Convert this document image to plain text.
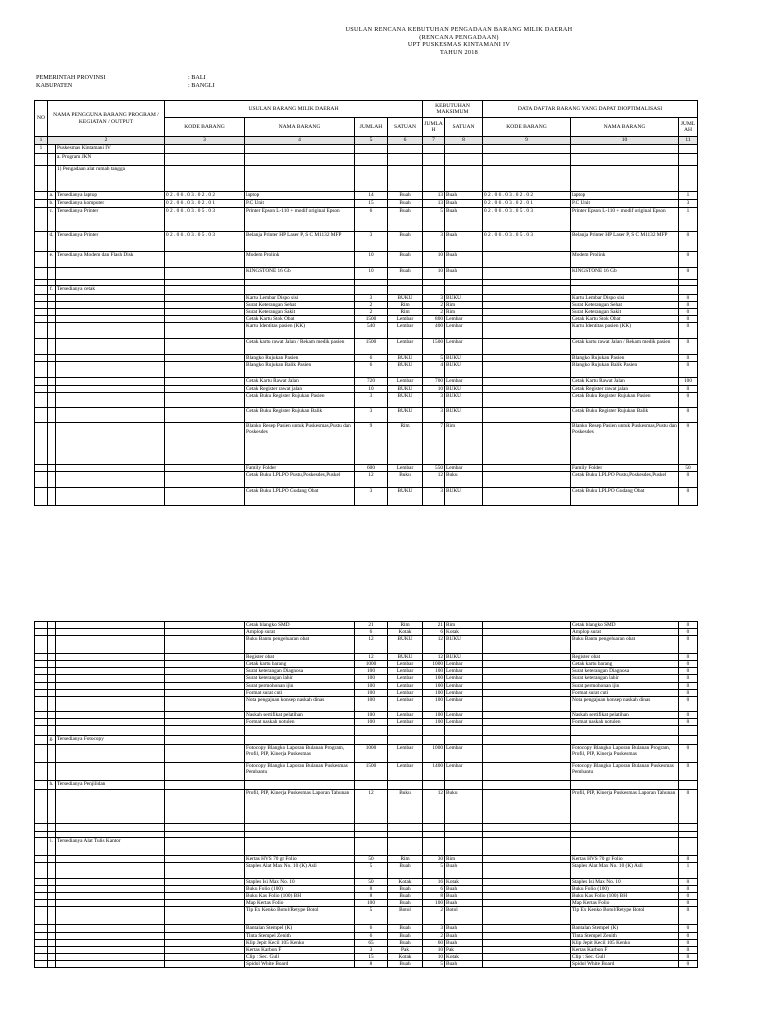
USULAN RENCANA KEBUTUHAN PENGADAAN BARANG MILIK DAERAH
(RENCANA PENGADAAN)
UPT PUSKESMAS KINTAMANI IV
TAHUN 2018
PEMERINTAH PROVINSI	: BALI
KABUPATEN	: BANGLI
NO	NAMA PENGGUNA BARANG PROGRAM / KEGIATAN / OUTPUT		USULAN BARANG MILIK DAERAH				KEBUTUHAN MAKSIMUM		DATA DAFTAR BARANG YANG DAPAT DIOPTIMALISASI		
			KODE BARANG	NAMA BARANG	JUMLAH	SATUAN	JUMLA H	SATUAN	KODE BARANG	NAMA BARANG	JUML AH
1	2		3	4	5	6	7	8	9	10	11
1		Puskesmas Kintamani IV									
		a. Program JKN									
		1) Pengadaan alat rumah tangga									
	a.	Tersedianya laptop	0 2 . 0 6 . 0 3 . 0 2 . 0 2	laptop	14	Buah	13	Buah	0 2 . 0 6 . 0 3 . 0 2 . 0 2	laptop	1
	b.	Tersedianya komputer	0 2 . 0 6 . 0 3 . 0 2 . 0 1	P.C Unit	15	Buah	13	Buah	0 2 . 0 6 . 0 3 . 0 2 . 0 1	P.C Unit	3
	c.	Tersedianya Printer	0 2 . 0 6 . 0 3 . 0 5 . 0 3	Printer Epson L-110 + modif original Epson	6	Buah	5	Buah	0 2 . 0 6 . 0 3 . 0 5 . 0 3	Printer Epson L-110 + modif original Epson	1
	d.	Tersedianya Printer	0 2 . 0 6 . 0 3 . 0 5 . 0 3	Belanja Printer HP Laser P, S C M1132 MFP	3	Buah	3	Buah	0 2 . 0 6 . 0 3 . 0 5 . 0 3	Belanja Printer HP Laser P, S C M1132 MFP	0
	e.	Tersedianya Modem dan Flash Disk		Modem Prolink	10	Buah	10	Buah		Modem Prolink	0
				KINGSTONE 16 Gb	10	Buah	10	Buah		KINGSTONE 16 Gb	0

	f.	Tersedianya cetak									
				Kartu Lembar Dispo sisi	3	BUKU	3	BUKU		Kartu Lembar Dispo sisi	0
				Surat Keterangan Sehat	2	Rim	2	Rim		Surat Keterangan Sehat	0
				Surat Keterangan Sakit	2	Rim	2	Rim		Surat Keterangan Sakit	0
				Cetak Kartu Stok Obat	1500	Lembar	800	Lembar		Cetak Kartu Stok Obat	0
				Kartu Identitas pasien (KK)	540	Lembar	400	Lembar		Kartu Identitas pasien (KK)	0
				Cetak kartu rawat Jalan / Rekam medik pasien	1500	Lembar	1500	Lembar		Cetak kartu rawat Jalan / Rekam medik pasien	0
				Blangko Rujukan Pasien	6	BUKU	5	BUKU		Blangko Rujukan Pasien	0
				Blangko Rujukan Balik Pasien	6	BUKU	4	BUKU		Blangko Rujukan Balik Pasien	0
				Cetak Kartu Rawat Jalan	720	Lembar	700	Lembar		Cetak Kartu Rawat Jalan	100
				Cetak Register rawat jalan	10	BUKU	10	BUKU		Cetak Register rawat jalan	0
				Cetak Buku Register Rujukan Pasien	3	BUKU	3	BUKU		Cetak Buku Register Rujukan Pasien	0
				Cetak Buku Register Rujukan Balik	3	BUKU	3	BUKU		Cetak Buku Register Rujukan Balik	0
				Blanko Resep Pasien untuk Puskesmas,Pustu dan Poskesdes	9	Rim	7	Rim		Blanko Resep Pasien untuk Puskesmas,Pustu dan Poskesdes	0
				Family Folder	600	Lembar	550	Lembar		Family Folder	50
				Cetak Buku LPLPO Pustu,Poskesdes,Puskel	12	Buku	12	Buku		Cetak Buku LPLPO Pustu,Poskesdes,Puskel	0
				Cetak Buku LPLPO Gudang Obat	3	BUKU	3	BUKU		Cetak Buku LPLPO Gudang Obat	0
				Cetak blangko SMD	21	Rim	21	Rim		Cetak blangko SMD	0
				Amplop surat	6	Kotak	6	Kotak		Amplop surat	0
				Buku Bantu pengeluaran obat	12	BUKU	12	BUKU		Buku Bantu pengeluaran obat	0
				Register obat	12	BUKU	12	BUKU		Register obat	0
				Cetak kartu barang	1000	Lembar	1000	Lembar		Cetak kartu barang	0
				Surat keterangan Diagnosa	100	Lembar	100	Lembar		Surat keterangan Diagnosa	0
				Surat keterangan lahir	100	Lembar	100	Lembar		Surat keterangan lahir	0
				Surat permohonan ijin	100	Lembar	100	Lembar		Surat permohonan ijin	0
				Format surat cuti	100	Lembar	100	Lembar		Format surat cuti	0
				Nota pengajuan konsep naskah dinas	100	Lembar	100	Lembar		Nota pengajuan konsep naskah dinas	0
				Naskah sertifikat pelatihan	100	Lembar	100	Lembar		Naskah sertifikat pelatihan	0
				Format naskah notulen	100	Lembar	100	Lembar		Format naskah notulen	0

	g.	Tersedianya Fotocopy									
				Fotocopy Blangko Laporan Bulanan Program, Profil, PIP, Kinerja Puskesmas	1000	Lembar	1000	Lembar		Fotocopy Blangko Laporan Bulanan Program, Profil, PIP, Kinerja Puskesmas	0
				Fotocopy Blangko Laporan Bulanan Puskesmas Pembantu	1500	Lembar	1400	Lembar		Fotocopy Blangko Laporan Bulanan Puskesmas Pembantu	0
	h.	Tersedianya Penjilidan									
				Profil, PIP, Kinerja Puskesmas Laporan Tahunan	12	Buku	12	Buku		Profil, PIP, Kinerja Puskesmas Laporan Tahunan	0

	i.	Tersedianya Alat Tulis Kantor									
				Kertas HVS 70 gr Folio	50	Rim	30	Rim		Kertas HVS 70 gr Folio	0
				Staples Alat Max No. 10 (K) Asli	5	Buah	5	Buah		Staples Alat Max No. 10 (K) Asli	1
				Staples Isi Max No. 10	50	Kotak	16	Kotak		Staples Isi Max No. 10	0
				Buku Folio (100)	8	Buah	6	Buah		Buku Folio (100)	0
				Buku Kas Folio (100) BH	8	Buah	8	Buah		Buku Kas Folio (100) BH	0
				Map Kertas Folio	100	Buah	100	Buah		Map Kertas Folio	0
				Tip Ex Kenko Botol/Retype Botol	5	Botol	2	Botol		Tip Ex Kenko Botol/Retype Botol	0
				Bantalan Stempel (K)	6	Buah	3	Buah		Bantalan Stempel (K)	0
				Tinta Stempel Zenith	6	Buah	2	Buah		Tinta Stempel Zenith	0
				Klip Jepit Kecil 105 Kenko	65	Buah	60	Buah		Klip Jepit Kecil 105 Kenko	0
				Kertas Karbon F	3	Pak	10	Pak		Kertas Karbon F	0
				Clip : Sec. Gull	15	Kotak	10	Kotak		Clip : Sec. Gull	0
				Spidol White Board	8	Buah	5	Buah		Spidol White Board	0
